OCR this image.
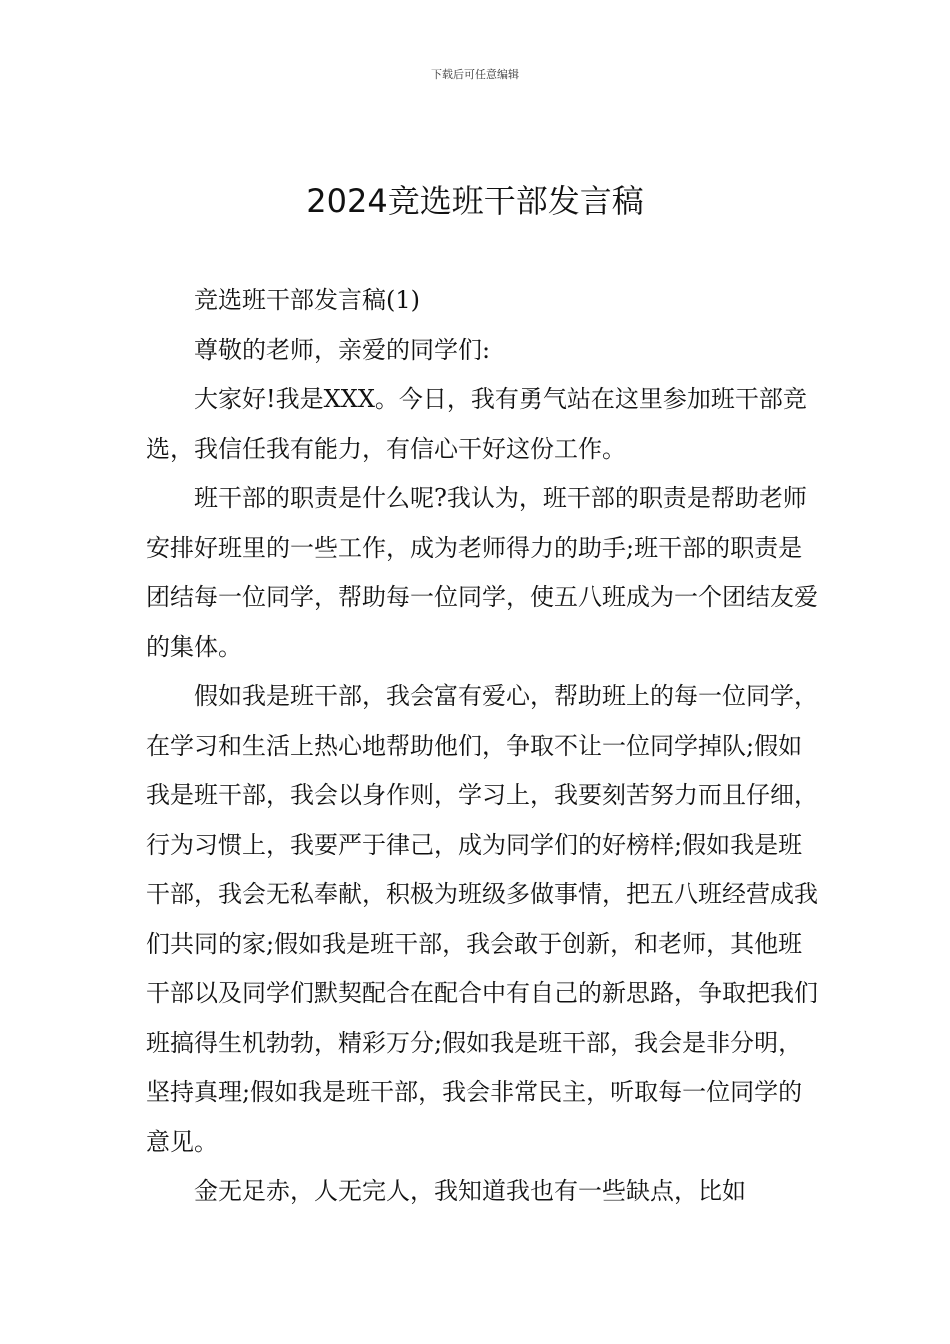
下载后可任意编辑
2024竞选班干部发言稿

竞选班干部发言稿(1)

尊敬的老师，亲爱的同学们:

大家好!我是XXX。今日，我有勇气站在这里参加班干部竞选，我信任我有能力，有信心干好这份工作。

班干部的职责是什么呢?我认为，班干部的职责是帮助老师安排好班里的一些工作，成为老师得力的助手;班干部的职责是团结每一位同学，帮助每一位同学，使五八班成为一个团结友爱的集体。

假如我是班干部，我会富有爱心，帮助班上的每一位同学，在学习和生活上热心地帮助他们，争取不让一位同学掉队;假如我是班干部，我会以身作则，学习上，我要刻苦努力而且仔细，行为习惯上，我要严于律己，成为同学们的好榜样;假如我是班干部，我会无私奉献，积极为班级多做事情，把五八班经营成我们共同的家;假如我是班干部，我会敢于创新，和老师，其他班干部以及同学们默契配合在配合中有自己的新思路，争取把我们班搞得生机勃勃，精彩万分;假如我是班干部，我会是非分明，坚持真理;假如我是班干部，我会非常民主，听取每一位同学的意见。

金无足赤，人无完人，我知道我也有一些缺点，比如
